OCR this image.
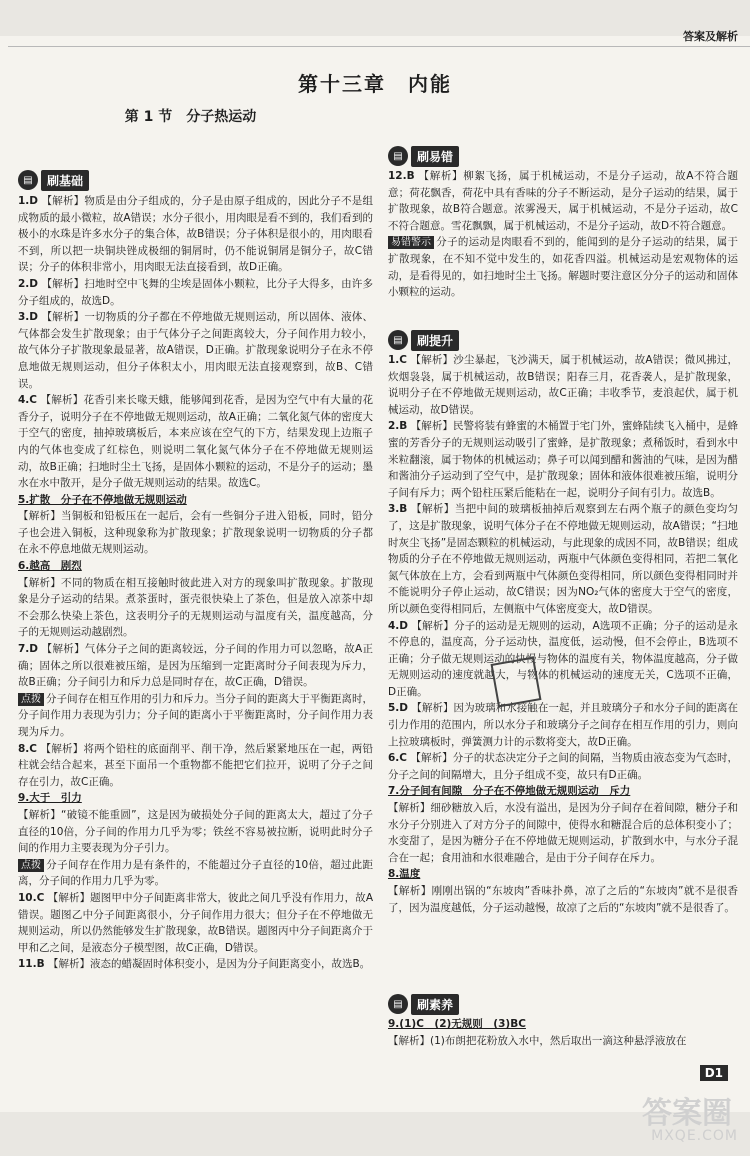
答案及解析
第十三章　内能
第 1 节　分子热运动
▤	刷基础
▤	刷易错
▤	刷提升
▤	刷素养

1.D 【解析】物质是由分子组成的，分子是由原子组成的，因此分子不是组成物质的最小微粒，故A错误；水分子很小，用肉眼是看不到的，我们看到的极小的水珠是许多水分子的集合体，故B错误；分子体积是很小的，用肉眼看不到，所以把一块铜块锉成极细的铜屑时，仍不能说铜屑是铜分子，故C错误；分子的体积非常小，用肉眼无法直接看到，故D正确。

2.D 【解析】扫地时空中飞舞的尘埃是固体小颗粒，比分子大得多，由许多分子组成的，故选D。

3.D 【解析】一切物质的分子都在不停地做无规则运动，所以固体、液体、气体都会发生扩散现象；由于气体分子之间距离较大，分子间作用力较小，故气体分子扩散现象最显著，故A错误，D正确。扩散现象说明分子在永不停息地做无规则运动，但分子体积太小，用肉眼无法直接观察到，故B、C错误。

4.C 【解析】花香引来长喙天蛾，能够闻到花香，是因为空气中有大量的花香分子，说明分子在不停地做无规则运动，故A正确；二氧化氮气体的密度大于空气的密度，抽掉玻璃板后，本来应该在空气的下方，结果发现上边瓶子内的气体也变成了红棕色，则说明二氧化氮气体分子在不停地做无规则运动，故B正确；扫地时尘土飞扬，是固体小颗粒的运动，不是分子的运动；墨水在水中散开，是分子做无规则运动的结果。故选C。

5.扩散　分子在不停地做无规则运动
【解析】当铜板和铅板压在一起后，会有一些铜分子进入铅板，同时，铅分子也会进入铜板，这种现象称为扩散现象；扩散现象说明一切物质的分子都在永不停息地做无规则运动。

6.越高　剧烈
【解析】不同的物质在相互接触时彼此进入对方的现象叫扩散现象。扩散现象是分子运动的结果。煮茶蛋时，蛋壳很快染上了茶色，但是放入凉茶中却不会那么快染上茶色，这表明分子的无规则运动与温度有关，温度越高，分子的无规则运动越剧烈。

7.D 【解析】气体分子之间的距离较远，分子间的作用力可以忽略，故A正确；固体之所以很难被压缩，是因为压缩到一定距离时分子间表现为斥力，故B正确；分子间引力和斥力总是同时存在，故C正确，D错误。

点拨 分子间存在相互作用的引力和斥力。当分子间的距离大于平衡距离时，分子间作用力表现为引力；分子间的距离小于平衡距离时，分子间作用力表现为斥力。

8.C 【解析】将两个铅柱的底面削平、削干净，然后紧紧地压在一起，两铅柱就会结合起来，甚至下面吊一个重物都不能把它们拉开，说明了分子之间存在引力，故C正确。

9.大于　引力
【解析】“破镜不能重圆”，这是因为破损处分子间的距离太大，超过了分子直径的10倍，分子间的作用力几乎为零；铁丝不容易被拉断，说明此时分子间的作用力主要表现为分子引力。

点拨 分子间存在作用力是有条件的，不能超过分子直径的10倍，超过此距离，分子间的作用力几乎为零。

10.C 【解析】题图甲中分子间距离非常大，彼此之间几乎没有作用力，故A错误。题图乙中分子间距离很小，分子间作用力很大；但分子在不停地做无规则运动，所以仍然能够发生扩散现象，故B错误。题图丙中分子间距离介于甲和乙之间，是液态分子模型图，故C正确，D错误。

11.B 【解析】液态的蜡凝固时体积变小，是因为分子间距离变小，故选B。

12.B 【解析】柳絮飞扬，属于机械运动，不是分子运动，故A不符合题意；荷花飘香，荷花中具有香味的分子不断运动，是分子运动的结果，属于扩散现象，故B符合题意。浓雾漫天，属于机械运动，不是分子运动，故C不符合题意。雪花飘飘，属于机械运动，不是分子运动，故D不符合题意。

易错警示 分子的运动是肉眼看不到的，能闻到的是分子运动的结果，属于扩散现象，在不知不觉中发生的，如花香四溢。机械运动是宏观物体的运动，是看得见的，如扫地时尘土飞扬。解题时要注意区分分子的运动和固体小颗粒的运动。

1.C 【解析】沙尘暴起，飞沙满天，属于机械运动，故A错误；微风拂过，炊烟袅袅，属于机械运动，故B错误；阳春三月，花香袭人，是扩散现象，说明分子在不停地做无规则运动，故C正确；丰收季节，麦浪起伏，属于机械运动，故D错误。

2.B 【解析】民警将装有蜂蜜的木桶置于宅门外，蜜蜂陆续飞入桶中，是蜂蜜的芳香分子的无规则运动吸引了蜜蜂，是扩散现象；煮稀饭时，看到水中米粒翻滚，属于物体的机械运动；鼻子可以闻到醋和酱油的气味，是因为醋和酱油分子运动到了空气中，是扩散现象；固体和液体很难被压缩，说明分子间有斥力；两个铅柱压紧后能粘在一起，说明分子间有引力。故选B。

3.B 【解析】当把中间的玻璃板抽掉后观察到左右两个瓶子的颜色变均匀了，这是扩散现象，说明气体分子在不停地做无规则运动，故A错误；“扫地时灰尘飞扬”是固态颗粒的机械运动，与此现象的成因不同，故B错误；组成物质的分子在不停地做无规则运动，两瓶中气体颜色变得相同，若把二氧化氮气体放在上方，会看到两瓶中气体颜色变得相同，所以颜色变得相同时并不能说明分子停止运动，故C错误；因为NO₂气体的密度大于空气的密度，所以颜色变得相同后，左侧瓶中气体密度变大，故D错误。

4.D 【解析】分子的运动是无规则的运动，A选项不正确；分子的运动是永不停息的，温度高，分子运动快，温度低，运动慢，但不会停止，B选项不正确；分子做无规则运动的快慢与物体的温度有关，物体温度越高，分子做无规则运动的速度就越大，与物体的机械运动的速度无关，C选项不正确，D正确。

5.D 【解析】因为玻璃和水接触在一起，并且玻璃分子和水分子间的距离在引力作用的范围内，所以水分子和玻璃分子之间存在相互作用的引力，则向上拉玻璃板时，弹簧测力计的示数将变大，故D正确。

6.C 【解析】分子的状态决定分子之间的间隔，当物质由液态变为气态时，分子之间的间隔增大，且分子组成不变，故只有D正确。

7.分子间有间隙　分子在不停地做无规则运动　斥力
【解析】细砂糖放入后，水没有溢出，是因为分子间存在着间隙，糖分子和水分子分别进入了对方分子的间隙中，使得水和糖混合后的总体积变小了；水变甜了，是因为糖分子在不停地做无规则运动，扩散到水中，与水分子混合在一起；食用油和水很难融合，是由于分子间存在斥力。

8.温度
【解析】刚刚出锅的“东坡肉”香味扑鼻，凉了之后的“东坡肉”就不是很香了，因为温度越低，分子运动越慢，故凉了之后的“东坡肉”就不是很香了。

9.(1)C　(2)无规则　(3)BC
【解析】(1)布朗把花粉放入水中，然后取出一滴这种悬浮液放在

D1
答案圈
MXQE.COM
